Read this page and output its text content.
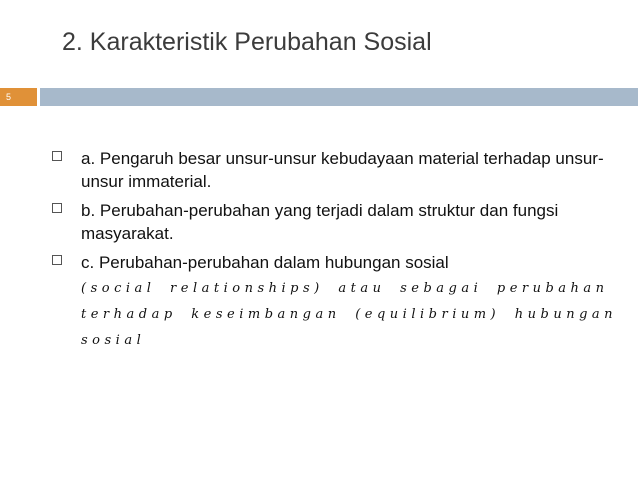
2. Karakteristik Perubahan Sosial
5
a. Pengaruh besar unsur-unsur kebudayaan material terhadap unsur-unsur immaterial.
b. Perubahan-perubahan yang terjadi dalam struktur dan fungsi masyarakat.
c. Perubahan-perubahan dalam hubungan sosial
(social relationships) atau sebagai perubahan terhadap keseimbangan (equilibrium) hubungan sosial
